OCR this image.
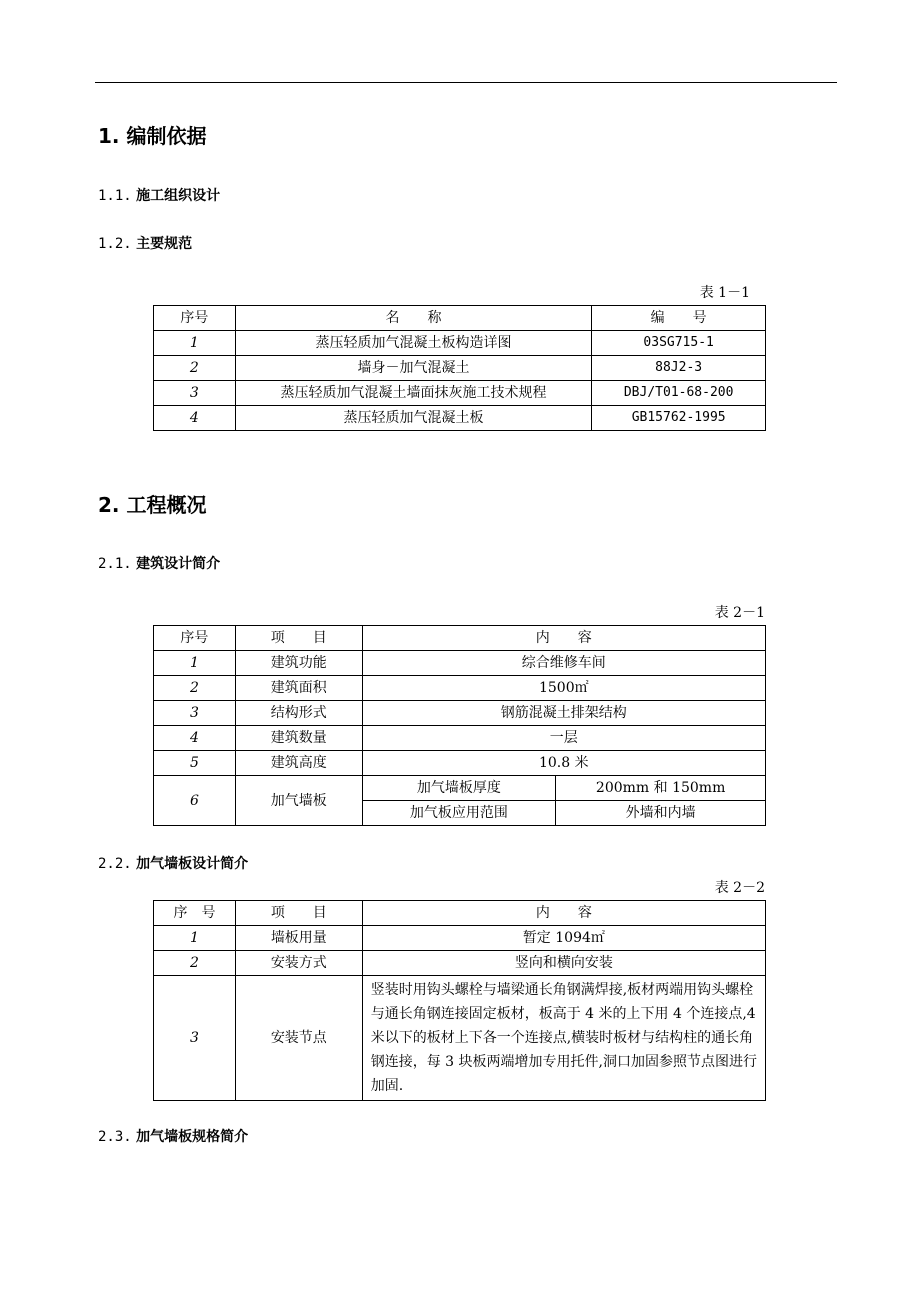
1. 编制依据
1.1. 施工组织设计
1.2. 主要规范
表 1－1
序号	名　　称	编　　号
1	蒸压轻质加气混凝土板构造详图	03SG715-1
2	墙身－加气混凝土	88J2-3
3	蒸压轻质加气混凝土墙面抹灰施工技术规程	DBJ/T01-68-200
4	蒸压轻质加气混凝土板	GB15762-1995
2. 工程概况
2.1. 建筑设计简介
表 2－1
序号	项　　目	内　　容	
1	建筑功能	综合维修车间	
2	建筑面积	1500㎡	
3	结构形式	钢筋混凝土排架结构	
4	建筑数量	一层	
5	建筑高度	10.8 米	
6	加气墙板	加气墙板厚度	200mm 和 150mm
		加气板应用范围	外墙和内墙
2.2. 加气墙板设计简介
表 2－2
序　号	项　　目	内　　容
1	墙板用量	暂定 1094㎡
2	安装方式	竖向和横向安装
3	安装节点	竖装时用钩头螺栓与墙梁通长角钢满焊接,板材两端用钩头螺栓与通长角钢连接固定板材，板高于 4 米的上下用 4 个连接点,4 米以下的板材上下各一个连接点,横装时板材与结构柱的通长角钢连接，每 3 块板两端增加专用托件,洞口加固参照节点图进行加固.
2.3. 加气墙板规格简介
